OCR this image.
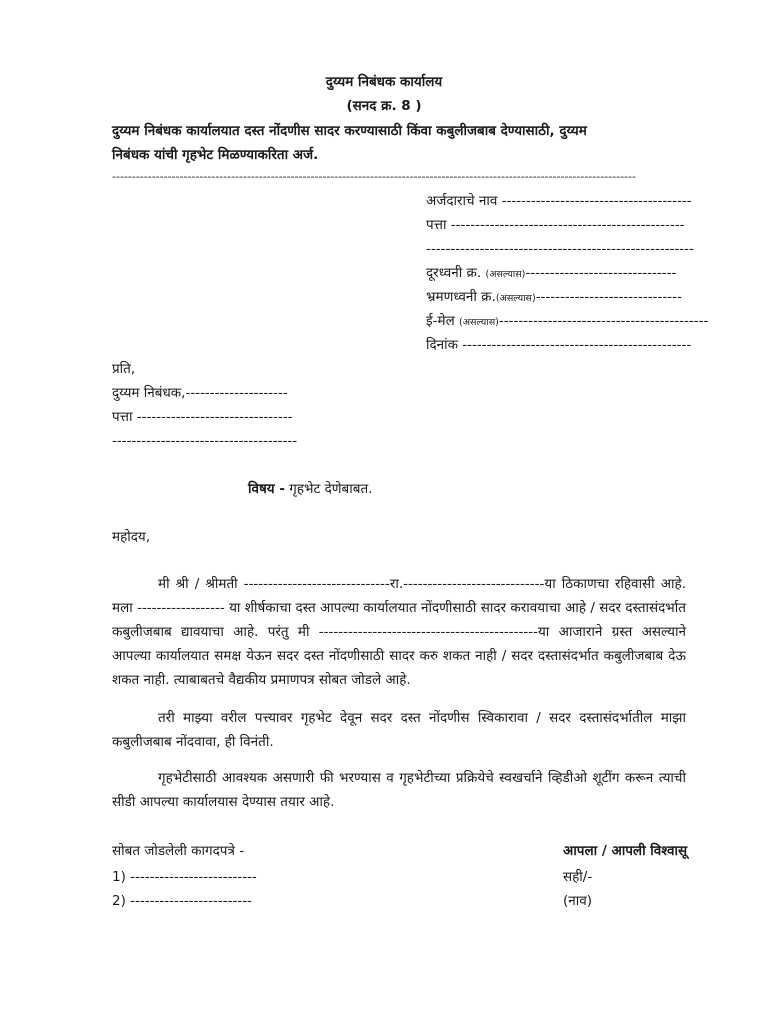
दुय्यम निबंधक कार्यालय
(सनद क्र. 8 )
दुय्यम निबंधक कार्यालयात दस्त नोंदणीस सादर करण्यासाठी किंवा कबुलीजबाब देण्यासाठी, दुय्यम
निबंधक यांची गृहभेट मिळण्याकरिता अर्ज.
------------------------------------------------------------------------------------------------------------------------------------
अर्जदाराचे नाव ---------------------------------------
पत्ता ------------------------------------------------
-------------------------------------------------------
दूरध्वनी क्र. (असल्यास)-------------------------------
भ्रमणध्वनी क्र.(असल्यास)------------------------------
ई-मेल (असल्यास)-------------------------------------------
दिनांक -----------------------------------------------
प्रति,
दुय्यम निबंधक,---------------------
पत्ता --------------------------------
--------------------------------------
विषय - गृहभेट देणेबाबत.
महोदय,
मी श्री / श्रीमती ------------------------------रा.-----------------------------या ठिकाणचा रहिवासी आहे. मला ------------------ या शीर्षकाचा दस्त आपल्या कार्यालयात नोंदणीसाठी सादर करावयाचा आहे / सदर दस्तासंदर्भात कबुलीजबाब द्यावयाचा आहे. परंतु मी ---------------------------------------------या आजाराने ग्रस्त असल्याने आपल्या कार्यालयात समक्ष येऊन सदर दस्त नोंदणीसाठी सादर करु शकत नाही / सदर दस्तासंदर्भात कबुलीजबाब देऊ शकत नाही. त्याबाबतचे वैद्यकीय प्रमाणपत्र सोबत जोडले आहे.
तरी माझ्या वरील पत्त्यावर गृहभेट देवून सदर दस्त नोंदणीस स्विकारावा / सदर दस्तासंदर्भातील माझा कबुलीजबाब नोंदवावा, ही विनंती.
गृहभेटीसाठी आवश्यक असणारी फी भरण्यास व गृहभेटीच्या प्रक्रियेचे स्वखर्चाने व्हिडीओ शूटींग करून त्याची सीडी आपल्या कार्यालयास देण्यास तयार आहे.
सोबत जोडलेली कागदपत्रे -
1) --------------------------
2) -------------------------
आपला / आपली विश्वासू
सही/-
(नाव)
